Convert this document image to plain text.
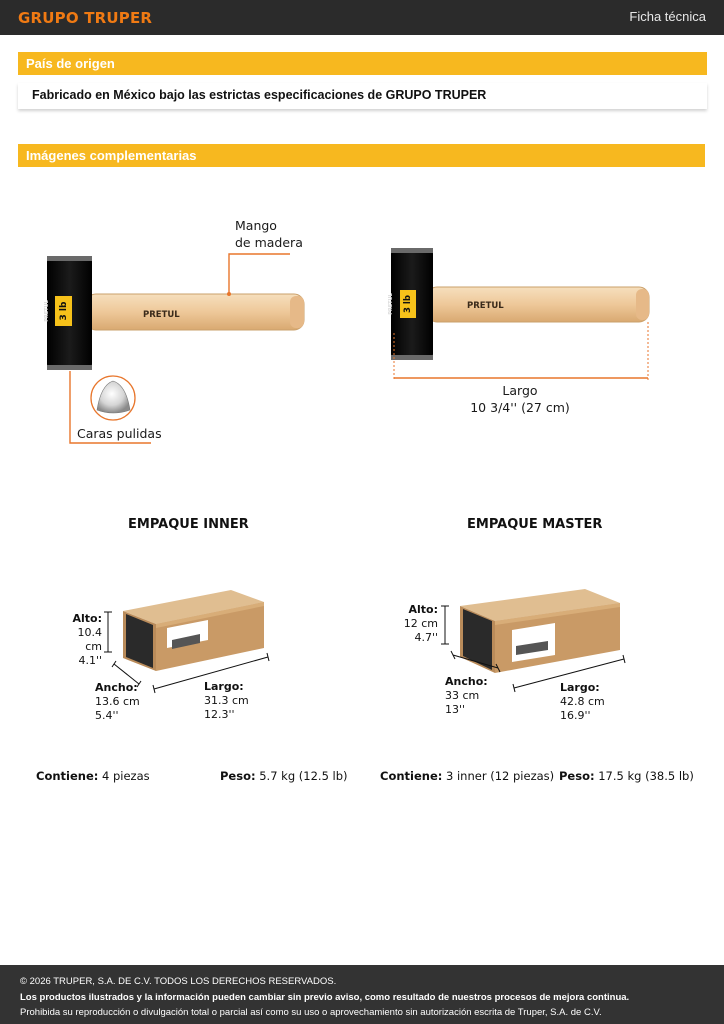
GRUPO TRUPER	Ficha técnica
País de origen
Fabricado en México bajo las estrictas especificaciones de GRUPO TRUPER
Imágenes complementarias
3 lb
PRETUL	PRETUL
3 lb
PRETUL	PRETUL
Mango
de madera
Caras pulidas
Largo
10 3/4'' (27 cm)
EMPAQUE INNER	EMPAQUE MASTER
Alto:
10.4 cm
4.1''
Ancho:
13.6 cm
5.4''
Largo:
31.3 cm
12.3''
Alto:
12 cm
4.7''
Ancho:
33 cm
13''
Largo:
42.8 cm
16.9''
Contiene: 4 piezas	Peso: 5.7 kg (12.5 lb)	Contiene: 3 inner (12 piezas) Peso: 17.5 kg (38.5 lb)
© 2026 TRUPER, S.A. DE C.V. TODOS LOS DERECHOS RESERVADOS.
Los productos ilustrados y la información pueden cambiar sin previo aviso, como resultado de nuestros procesos de mejora continua.
Prohibida su reproducción o divulgación total o parcial así como su uso o aprovechamiento sin autorización escrita de Truper, S.A. de C.V.
